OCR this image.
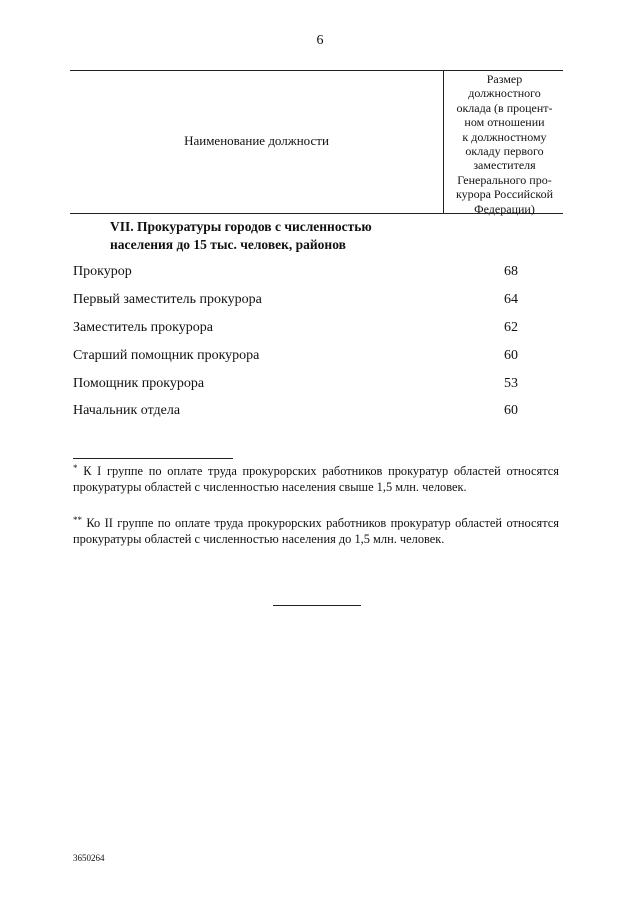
6
Наименование должности
Размер
должностного
оклада (в процент-
ном отношении
к должностному
окладу первого
заместителя
Генерального про-
курора Российской
Федерации)
VII. Прокуратуры городов с численностью
населения до 15 тыс. человек, районов
Прокурор	68
Первый заместитель прокурора	64
Заместитель прокурора	62
Старший помощник прокурора	60
Помощник прокурора	53
Начальник отдела	60
* К I группе по оплате труда прокурорских работников прокуратур областей относятся прокуратуры областей с численностью населения свыше 1,5 млн. человек.
** Ко II группе по оплате труда прокурорских работников прокуратур областей относятся прокуратуры областей с численностью населения до 1,5 млн. человек.
3650264
